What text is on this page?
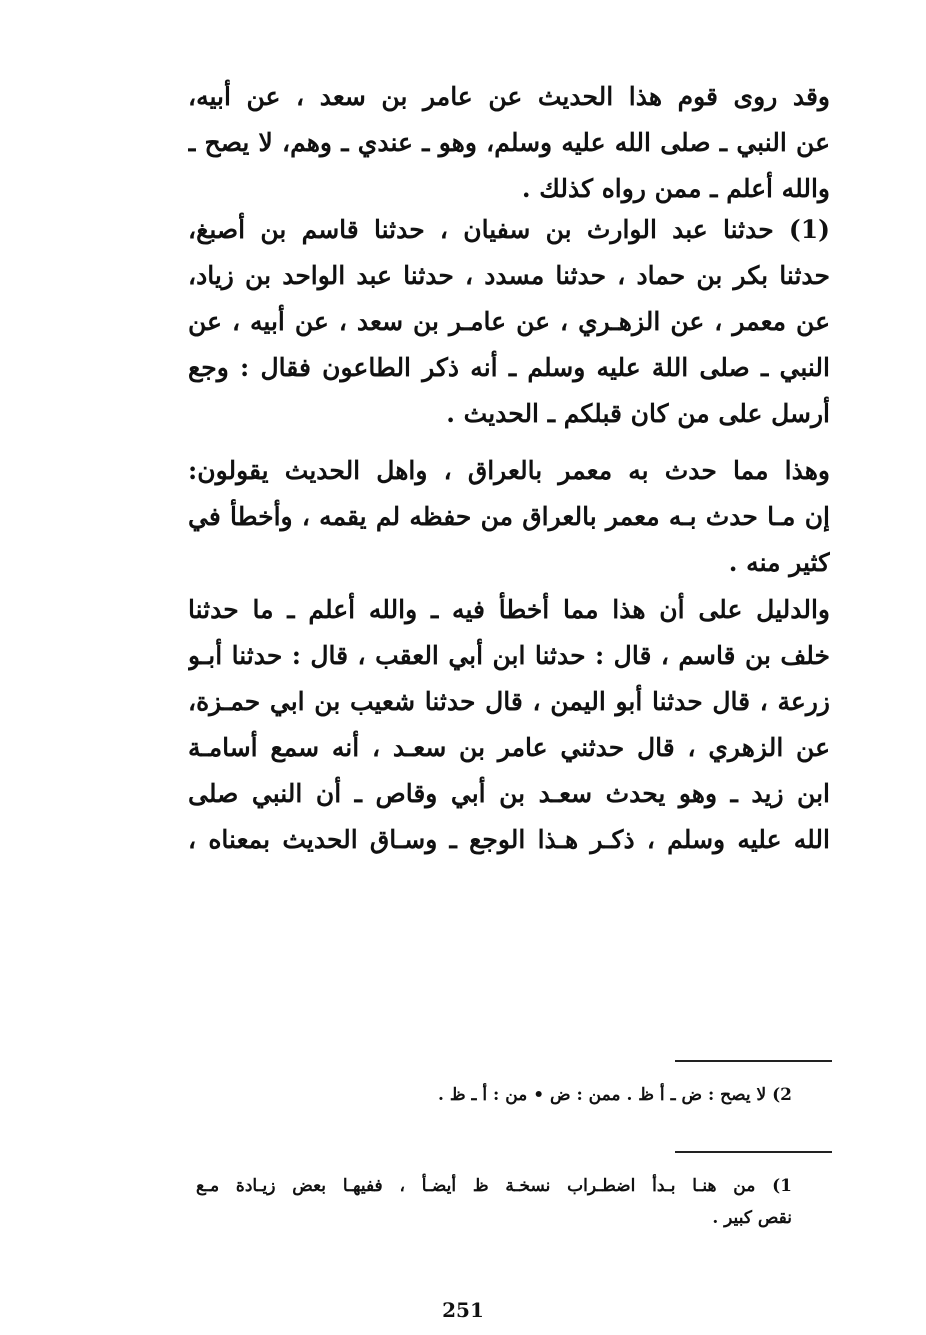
وقد روى قوم هذا الحديث عن عامر بن سعد ، عن أبيه،
عن النبي ـ صلى الله عليه وسلم، وهو ـ عندي ـ وهم، لا يصح ـ
والله أعلم ـ ممن رواه كذلك .
(1) حدثنا عبد الوارث بن سفيان ، حدثنا قاسم بن أصبغ،
حدثنا بكر بن حماد ، حدثنا مسدد ، حدثنا عبد الواحد بن زياد،
عن معمر ، عن الزهـري ، عن عامـر بن سعد ، عن أبيه ، عن
النبي ـ صلى اللة عليه وسلم ـ أنه ذكر الطاعون فقال : وجع
أرسل على من كان قبلكم ـ الحديث .
وهذا مما حدث به معمر بالعراق ، واهل الحديث يقولون:
إن مـا حدث بـه معمر بالعراق من حفظه لم يقمه ، وأخطأ في
كثير منه .
والدليل على أن هذا مما أخطأ فيه ـ والله أعلم ـ ما حدثنا
خلف بن قاسم ، قال : حدثنا ابن أبي العقب ، قال : حدثنا أبـو
زرعة ، قال حدثنا أبو اليمن ، قال حدثنا شعيب بن ابي حمـزة،
عن الزهري ، قال حدثني عامر بن سعـد ، أنه سمع أسامـة
ابن زيد ـ وهو يحدث سعـد بن أبي وقاص ـ أن النبي صلى
الله عليه وسلم ، ذكـر هـذا الوجع ـ وسـاق الحديث بمعناه ،
2) لا يصح : ض ـ أ ظ . ممن : ض • من : أ ـ ظ .
1) من هنـا بـدأ اضطـراب نسخـة ظ أيضـأ ، ففيهـا بعض زيـادة مـع
نقص كبير .
251
